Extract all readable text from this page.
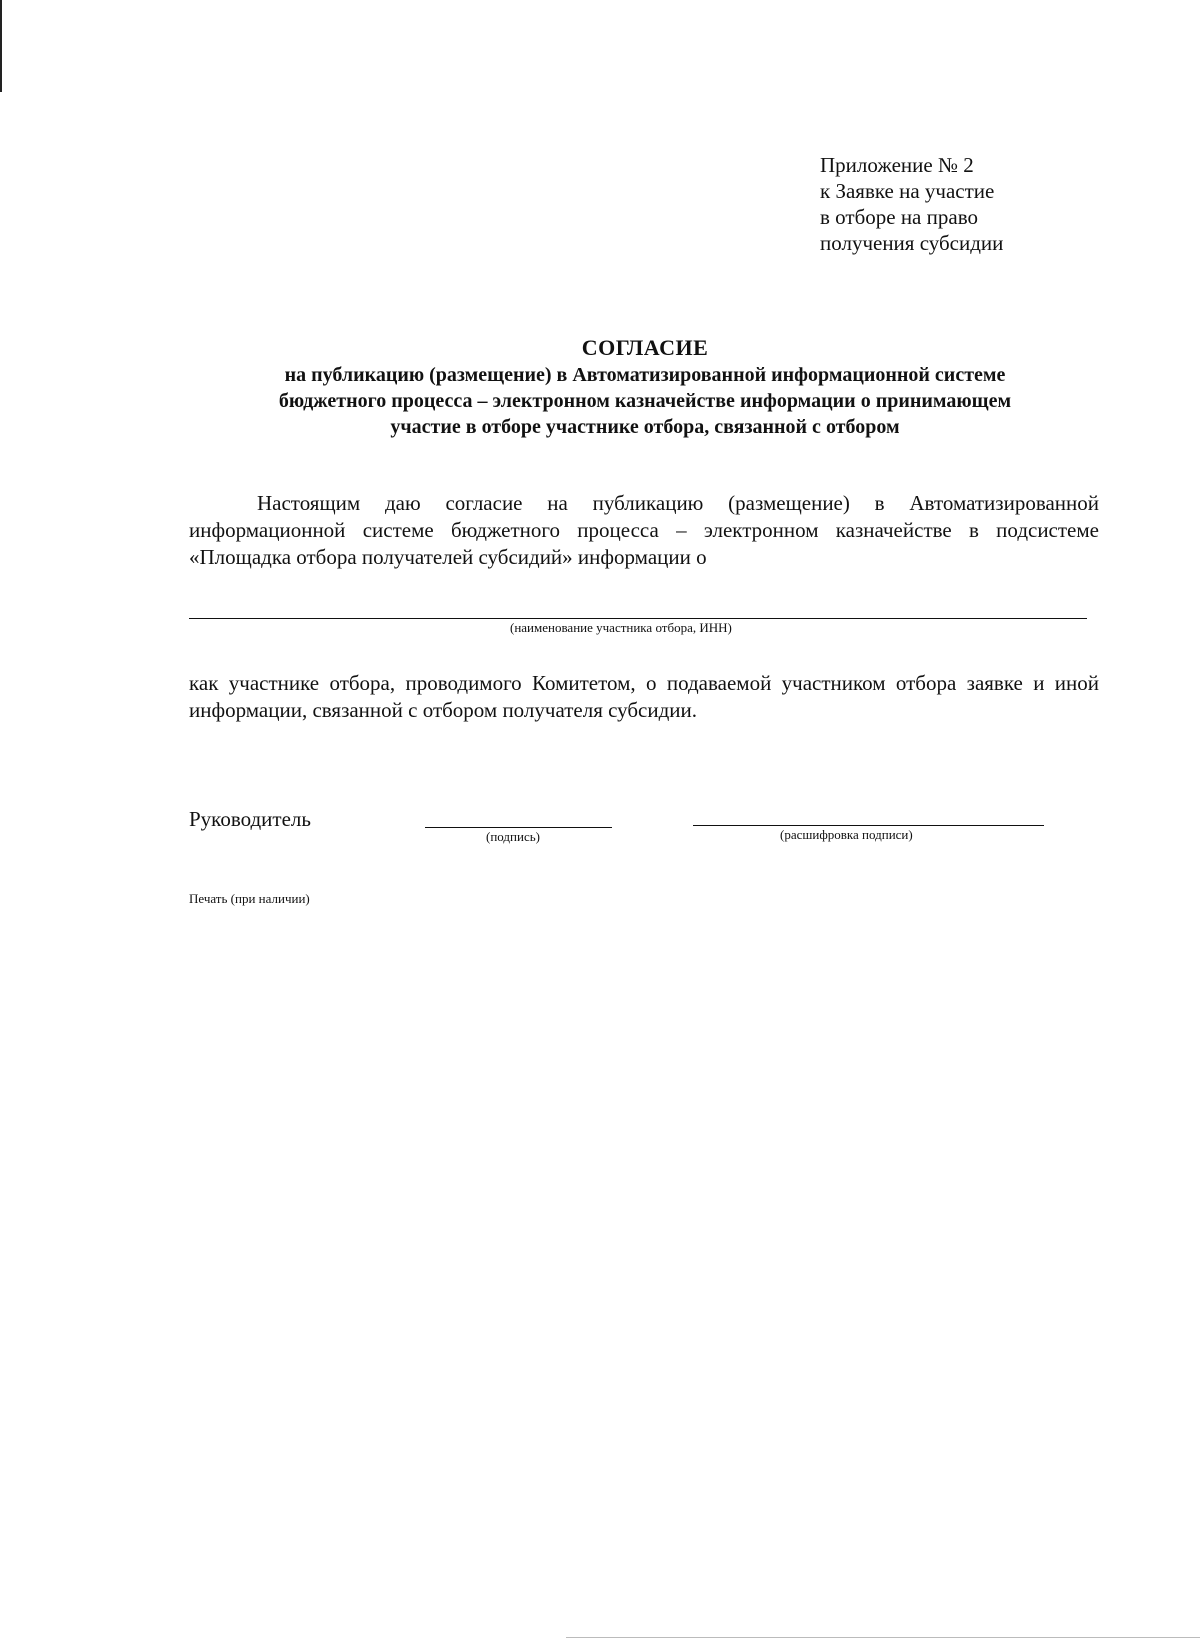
Приложение № 2
к Заявке на участие
в отборе на право
получения субсидии
СОГЛАСИЕ
на публикацию (размещение) в Автоматизированной информационной системе
бюджетного процесса – электронном казначействе информации о принимающем
участие в отборе участнике отбора, связанной с отбором
Настоящим даю согласие на публикацию (размещение) в Автоматизированной информационной системе бюджетного процесса – электронном казначействе в подсистеме «Площадка отбора получателей субсидий» информации о
(наименование участника отбора, ИНН)
как участнике отбора, проводимого Комитетом, о подаваемой участником отбора заявке и иной информации, связанной с отбором получателя субсидии.
Руководитель
(подпись)	(расшифровка подписи)
Печать (при наличии)
